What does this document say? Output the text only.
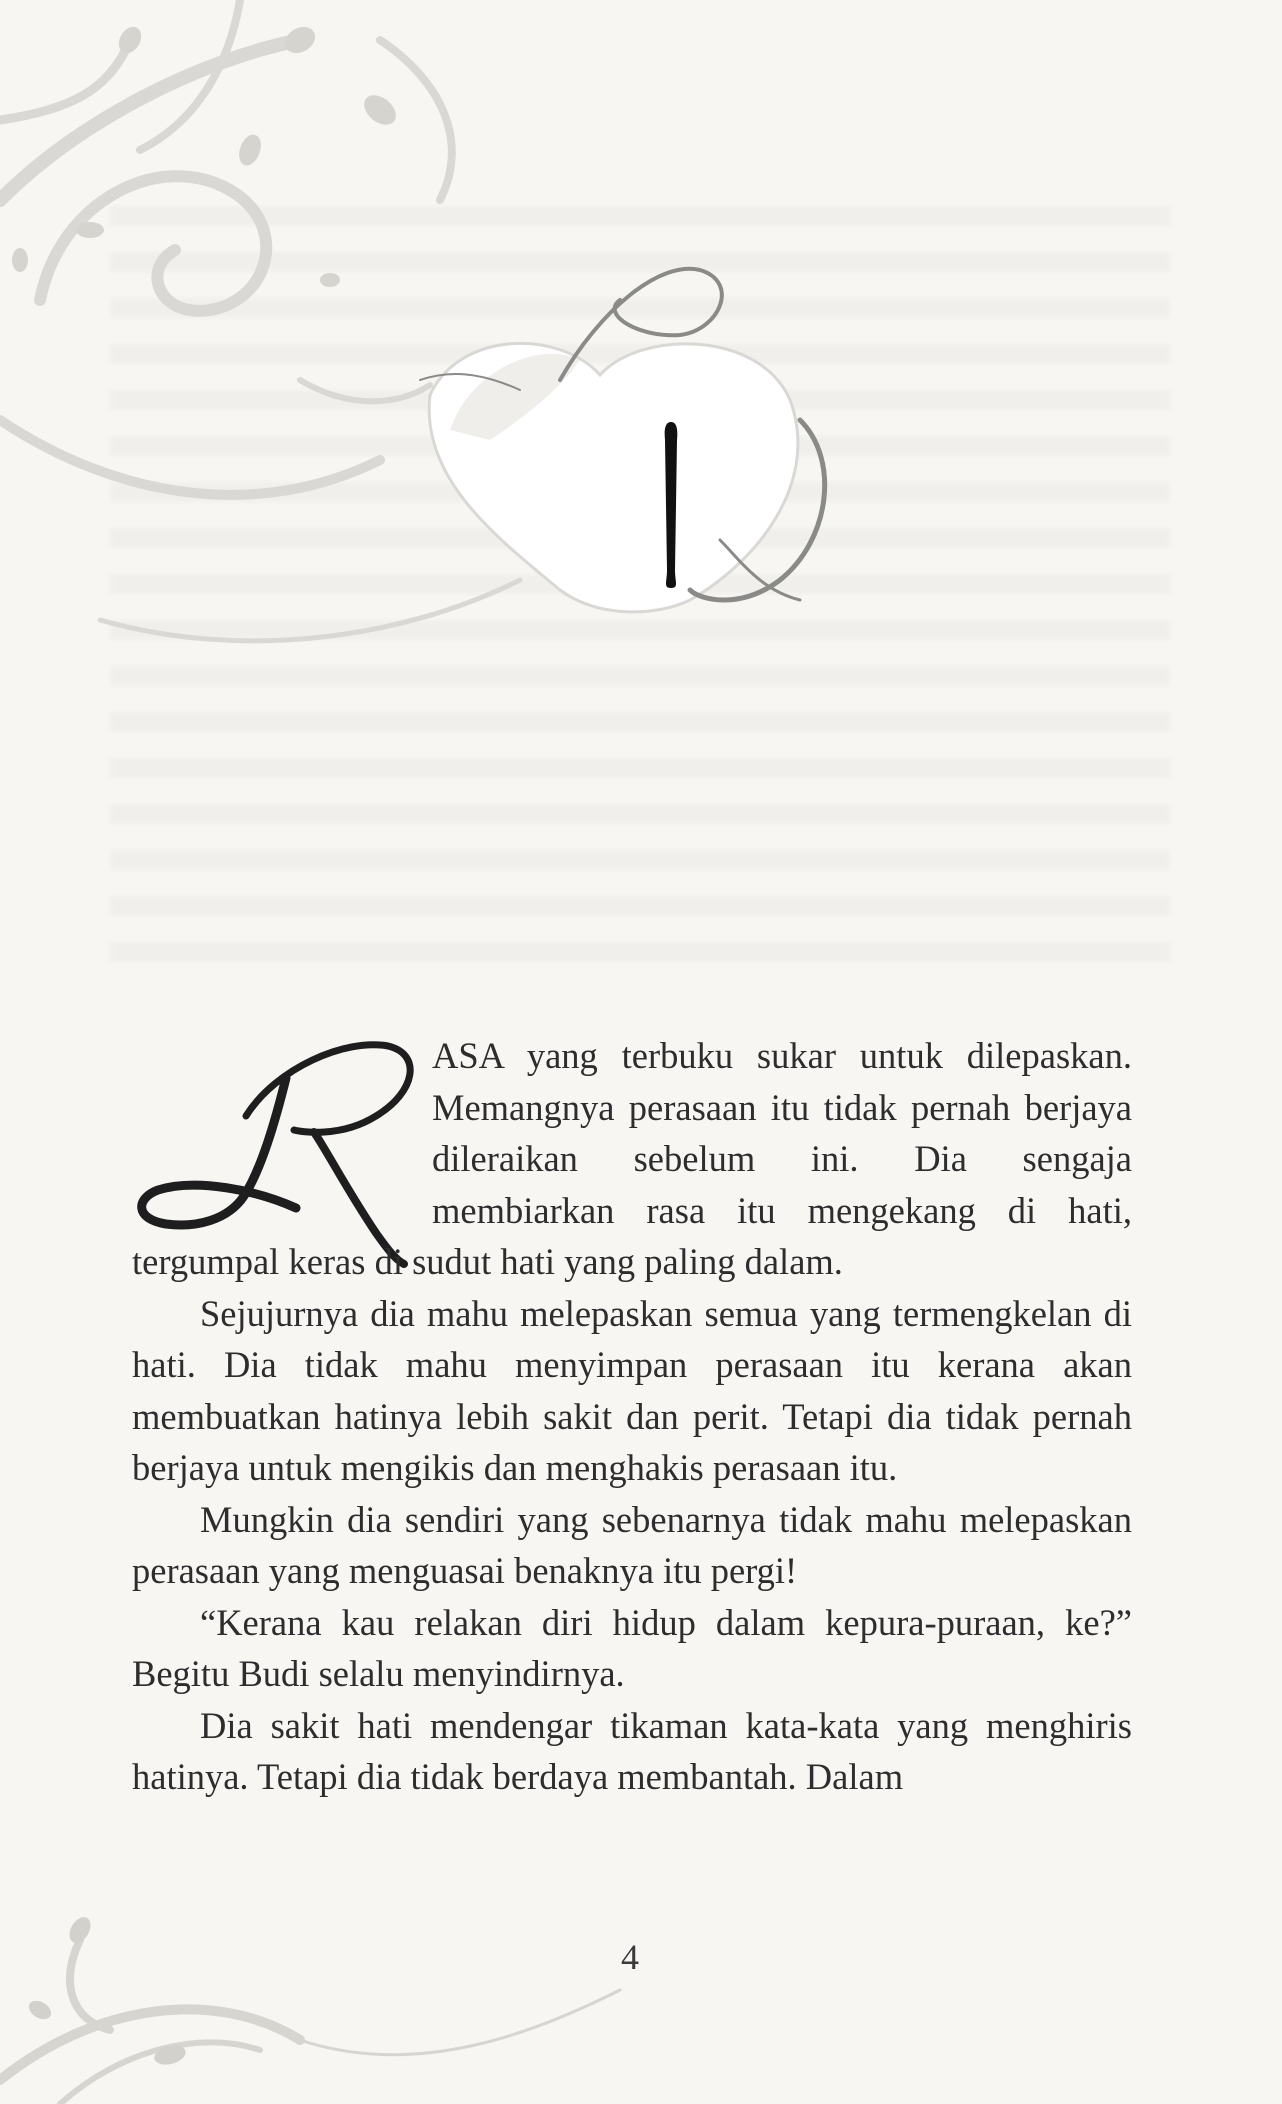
ASA yang terbuku sukar untuk dilepaskan. Memangnya perasaan itu tidak pernah berjaya dileraikan sebelum ini. Dia sengaja membiarkan rasa itu mengekang di hati, tergumpal keras di sudut hati yang paling dalam.

Sejujurnya dia mahu melepaskan semua yang termengkelan di hati. Dia tidak mahu menyimpan perasaan itu kerana akan membuatkan hatinya lebih sakit dan perit. Tetapi dia tidak pernah berjaya untuk mengikis dan menghakis perasaan itu.

Mungkin dia sendiri yang sebenarnya tidak mahu melepaskan perasaan yang menguasai benaknya itu pergi!

“Kerana kau relakan diri hidup dalam kepura-puraan, ke?” Begitu Budi selalu menyindirnya.

Dia sakit hati mendengar tikaman kata-kata yang menghiris hatinya. Tetapi dia tidak berdaya membantah. Dalam

4
